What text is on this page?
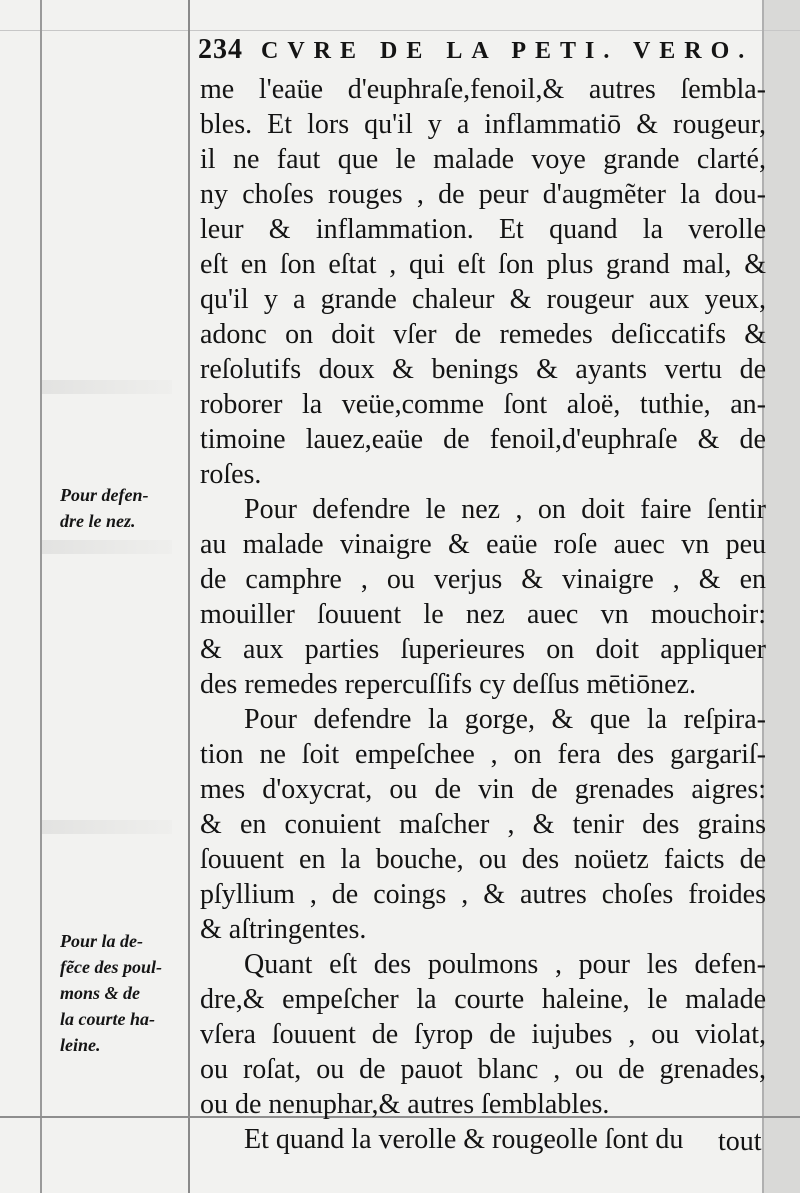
234 CVRE DE LA PETI. VERO.
me l'eaüe d'euphraſe,fenoil,& autres ſembla-
bles. Et lors qu'il y a inflammatiō & rougeur,
il ne faut que le malade voye grande clarté,
ny choſes rouges , de peur d'augmẽter la dou-
leur & inflammation. Et quand la verolle
eſt en ſon eſtat , qui eſt ſon plus grand mal, &
qu'il y a grande chaleur & rougeur aux yeux,
adonc on doit vſer de remedes deſiccatifs &
reſolutifs doux & benings & ayants vertu de
roborer la veüe,comme ſont aloë, tuthie, an-
timoine lauez,eaüe de fenoil,d'euphraſe & de
roſes.
Pour defendre le nez , on doit faire ſentir
au malade vinaigre & eaüe roſe auec vn peu
de camphre , ou verjus & vinaigre , & en
mouiller ſouuent le nez auec vn mouchoir:
& aux parties ſuperieures on doit appliquer
des remedes repercuſſifs cy deſſus mētiōnez.
Pour defendre la gorge, & que la reſpira-
tion ne ſoit empeſchee , on fera des gargariſ-
mes d'oxycrat, ou de vin de grenades aigres:
& en conuient maſcher , & tenir des grains
ſouuent en la bouche, ou des noüetz faicts de
pſyllium , de coings , & autres choſes froides
& aſtringentes.
Quant eſt des poulmons , pour les defen-
dre,& empeſcher la courte haleine, le malade
vſera ſouuent de ſyrop de iujubes , ou violat,
ou roſat, ou de pauot blanc , ou de grenades,
ou de nenuphar,& autres ſemblables.
Et quand la verolle & rougeolle ſont du
Pour defen-
dre le nez.
Pour la de-
fẽce des poul-
mons & de
la courte ha-
leine.
tout
